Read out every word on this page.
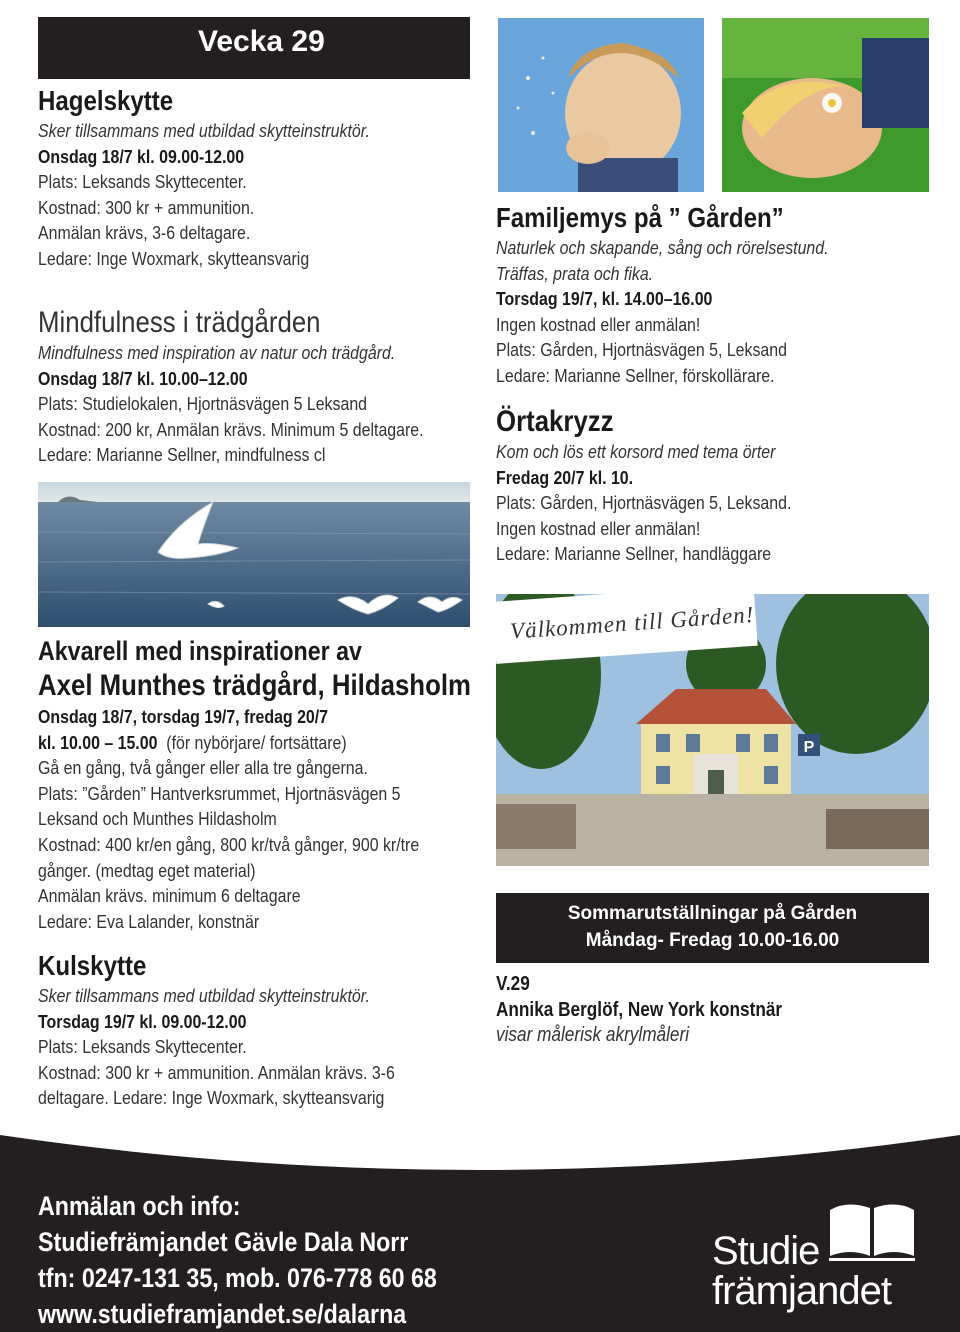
Vecka 29
Hagelskytte
Sker tillsammans med utbildad skytteinstruktör.
Onsdag 18/7 kl. 09.00-12.00
Plats: Leksands Skyttecenter.
Kostnad: 300 kr + ammunition.
Anmälan krävs, 3-6 deltagare.
Ledare: Inge Woxmark, skytteansvarig
Mindfulness i trädgården
Mindfulness med inspiration av natur och trädgård.
Onsdag 18/7 kl. 10.00–12.00
Plats: Studielokalen, Hjortnäsvägen 5 Leksand
Kostnad: 200 kr, Anmälan krävs. Minimum 5 deltagare.
Ledare: Marianne Sellner, mindfulness cl
Akvarell med inspirationer av
Axel Munthes trädgård, Hildasholm
Onsdag 18/7, torsdag 19/7, fredag 20/7
kl. 10.00 – 15.00 (för nybörjare/ fortsättare)
Gå en gång, två gånger eller alla tre gångerna.
Plats: ”Gården” Hantverksrummet, Hjortnäsvägen 5
Leksand och Munthes Hildasholm
Kostnad: 400 kr/en gång, 800 kr/två gånger, 900 kr/tre
gånger. (medtag eget material)
Anmälan krävs. minimum 6 deltagare
Ledare: Eva Lalander, konstnär
Kulskytte
Sker tillsammans med utbildad skytteinstruktör.
Torsdag 19/7 kl. 09.00-12.00
Plats: Leksands Skyttecenter.
Kostnad: 300 kr + ammunition. Anmälan krävs. 3-6
deltagare. Ledare: Inge Woxmark, skytteansvarig
Familjemys på ” Gården”
Naturlek och skapande, sång och rörelsestund.
Träffas, prata och fika.
Torsdag 19/7, kl. 14.00–16.00
Ingen kostnad eller anmälan!
Plats: Gården, Hjortnäsvägen 5, Leksand
Ledare: Marianne Sellner, förskollärare.
Örtakryzz
Kom och lös ett korsord med tema örter
Fredag 20/7 kl. 10.
Plats: Gården, Hjortnäsvägen 5, Leksand.
Ingen kostnad eller anmälan!
Ledare: Marianne Sellner, handläggare
P
Välkommen till Gården!
Sommarutställningar på Gården
Måndag- Fredag 10.00-16.00
V.29
Annika Berglöf, New York konstnär
visar målerisk akrylmåleri
Anmälan och info:
Studiefrämjandet Gävle Dala Norr
tfn: 0247-131 35, mob. 076-778 60 68
www.studieframjandet.se/dalarna
Studie
främjandet
